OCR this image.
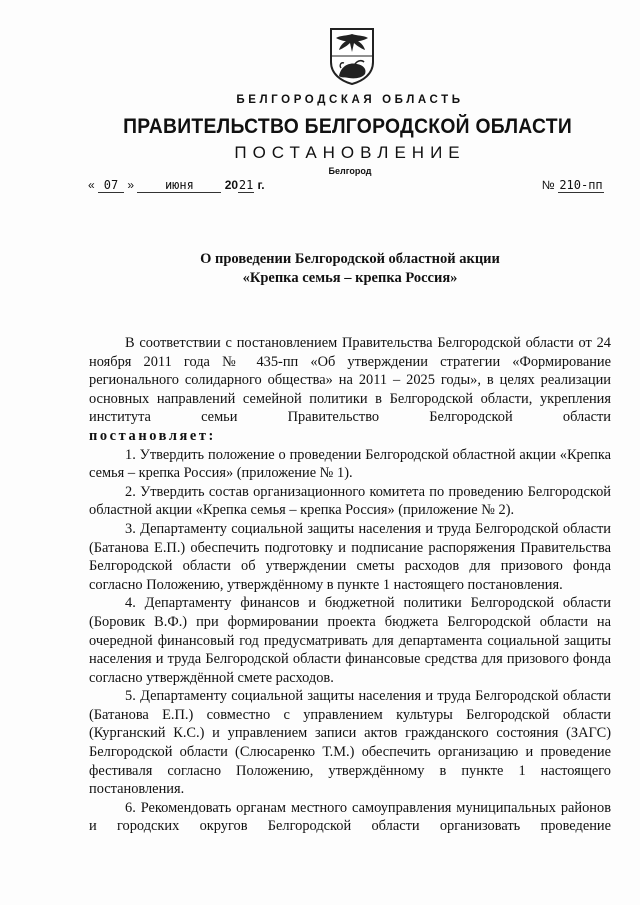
БЕЛГОРОДСКАЯ ОБЛАСТЬ
ПРАВИТЕЛЬСТВО БЕЛГОРОДСКОЙ ОБЛАСТИ
ПОСТАНОВЛЕНИЕ
Белгород
« 07 »	июня	2021 г.	№ 210-пп
О проведении Белгородской областной акции
«Крепка семья – крепка Россия»

В соответствии с постановлением Правительства Белгородской области от 24 ноября 2011 года № 435-пп «Об утверждении стратегии «Формирование регионального солидарного общества» на 2011 – 2025 годы», в целях реализации основных направлений семейной политики в Белгородской области, укрепления института семьи Правительство Белгородской области

постановляет:

1. Утвердить положение о проведении Белгородской областной акции «Крепка семья – крепка Россия» (приложение № 1).

2. Утвердить состав организационного комитета по проведению Белгородской областной акции «Крепка семья – крепка Россия» (приложение № 2).

3. Департаменту социальной защиты населения и труда Белгородской области (Батанова Е.П.) обеспечить подготовку и подписание распоряжения Правительства Белгородской области об утверждении сметы расходов для призового фонда согласно Положению, утверждённому в пункте 1 настоящего постановления.

4. Департаменту финансов и бюджетной политики Белгородской области (Боровик В.Ф.) при формировании проекта бюджета Белгородской области на очередной финансовый год предусматривать для департамента социальной защиты населения и труда Белгородской области финансовые средства для призового фонда согласно утверждённой смете расходов.

5. Департаменту социальной защиты населения и труда Белгородской области (Батанова Е.П.) совместно с управлением культуры Белгородской области (Курганский К.С.) и управлением записи актов гражданского состояния (ЗАГС) Белгородской области (Слюсаренко Т.М.) обеспечить организацию и проведение фестиваля согласно Положению, утверждённому в пункте 1 настоящего постановления.

6. Рекомендовать органам местного самоуправления муниципальных районов и городских округов Белгородской области организовать проведение
